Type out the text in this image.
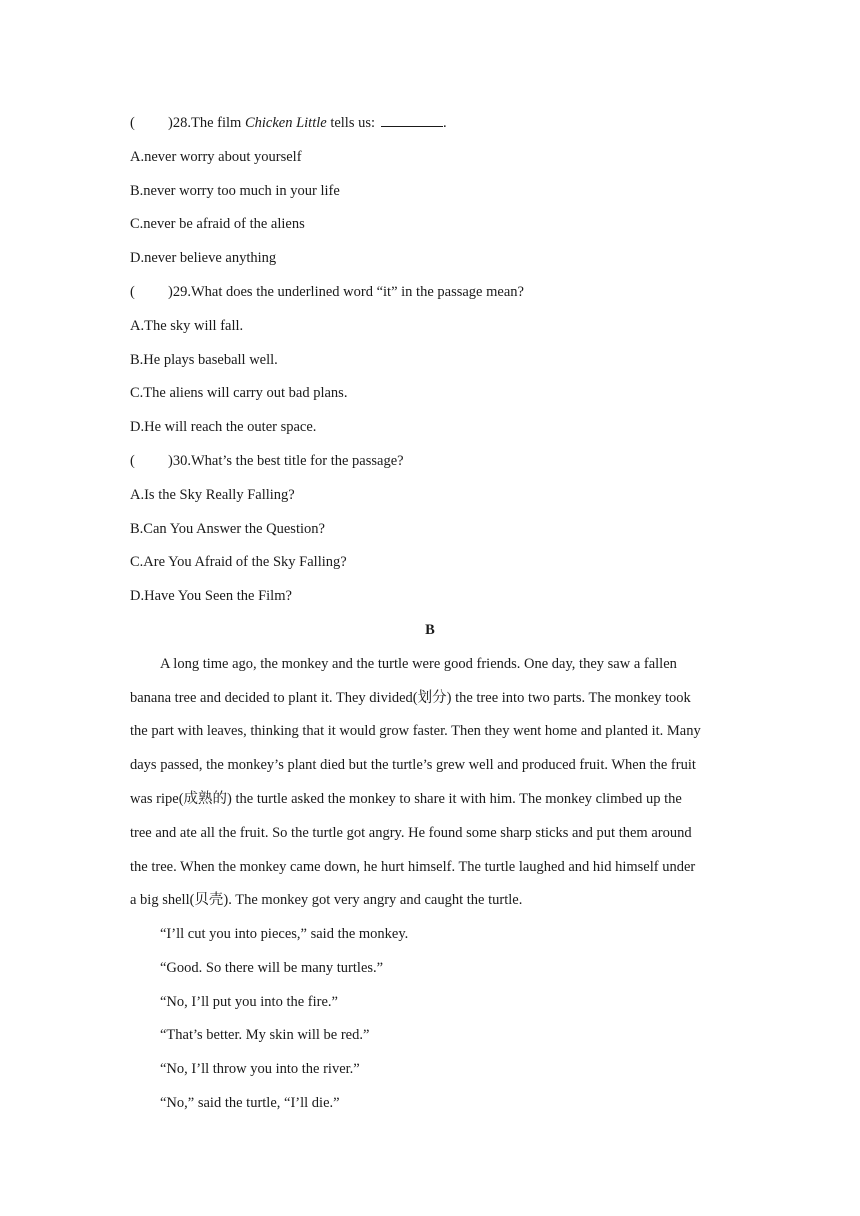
( )28.The film Chicken Little tells us:	.
A.never worry about yourself
B.never worry too much in your life
C.never be afraid of the aliens
D.never believe anything
( )29.What does the underlined word “it” in the passage mean?
A.The sky will fall.
B.He plays baseball well.
C.The aliens will carry out bad plans.
D.He will reach the outer space.
( )30.What’s the best title for the passage?
A.Is the Sky Really Falling?
B.Can You Answer the Question?
C.Are You Afraid of the Sky Falling?
D.Have You Seen the Film?
B
A long time ago, the monkey and the turtle were good friends. One day, they saw a fallen
banana tree and decided to plant it. They divided(划分) the tree into two parts. The monkey took
the part with leaves, thinking that it would grow faster. Then they went home and planted it. Many
days passed, the monkey’s plant died but the turtle’s grew well and produced fruit. When the fruit
was ripe(成熟的) the turtle asked the monkey to share it with him. The monkey climbed up the
tree and ate all the fruit. So the turtle got angry. He found some sharp sticks and put them around
the tree. When the monkey came down, he hurt himself. The turtle laughed and hid himself under
a big shell(贝壳). The monkey got very angry and caught the turtle.
“I’ll cut you into pieces,” said the monkey.
“Good. So there will be many turtles.”
“No, I’ll put you into the fire.”
“That’s better. My skin will be red.”
“No, I’ll throw you into the river.”
“No,” said the turtle, “I’ll die.”
